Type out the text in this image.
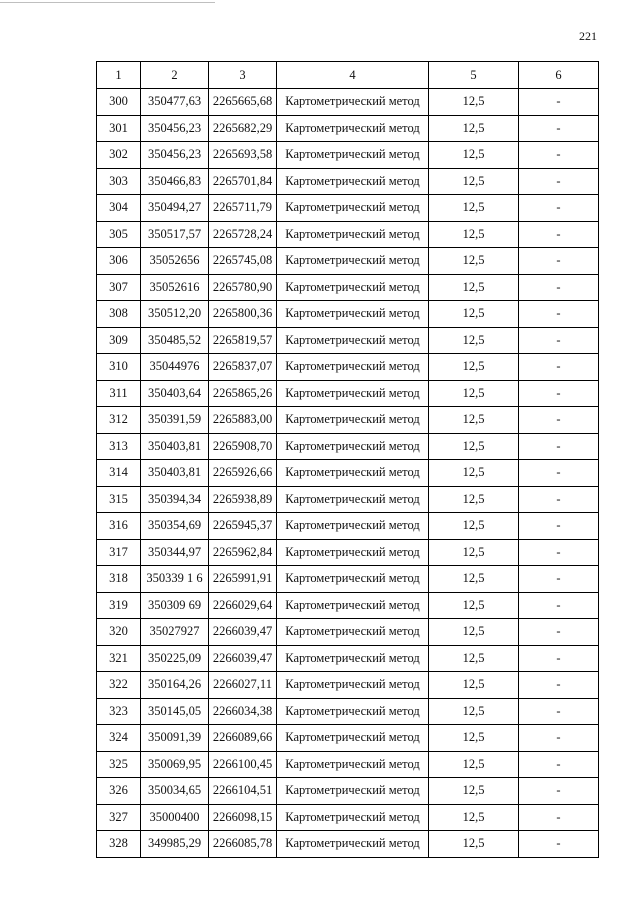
221
1	2	3	4	5	6
300	350477,63	2265665,68	Картометрический метод	12,5	-
301	350456,23	2265682,29	Картометрический метод	12,5	-
302	350456,23	2265693,58	Картометрический метод	12,5	-
303	350466,83	2265701,84	Картометрический метод	12,5	-
304	350494,27	2265711,79	Картометрический метод	12,5	-
305	350517,57	2265728,24	Картометрический метод	12,5	-
306	35052656	2265745,08	Картометрический метод	12,5	-
307	35052616	2265780,90	Картометрический метод	12,5	-
308	350512,20	2265800,36	Картометрический метод	12,5	-
309	350485,52	2265819,57	Картометрический метод	12,5	-
310	35044976	2265837,07	Картометрический метод	12,5	-
311	350403,64	2265865,26	Картометрический метод	12,5	-
312	350391,59	2265883,00	Картометрический метод	12,5	-
313	350403,81	2265908,70	Картометрический метод	12,5	-
314	350403,81	2265926,66	Картометрический метод	12,5	-
315	350394,34	2265938,89	Картометрический метод	12,5	-
316	350354,69	2265945,37	Картометрический метод	12,5	-
317	350344,97	2265962,84	Картометрический метод	12,5	-
318	350339 1 6	2265991,91	Картометрический метод	12,5	-
319	350309 69	2266029,64	Картометрический метод	12,5	-
320	35027927	2266039,47	Картометрический метод	12,5	-
321	350225,09	2266039,47	Картометрический метод	12,5	-
322	350164,26	2266027,11	Картометрический метод	12,5	-
323	350145,05	2266034,38	Картометрический метод	12,5	-
324	350091,39	2266089,66	Картометрический метод	12,5	-
325	350069,95	2266100,45	Картометрический метод	12,5	-
326	350034,65	2266104,51	Картометрический метод	12,5	-
327	35000400	2266098,15	Картометрический метод	12,5	-
328	349985,29	2266085,78	Картометрический метод	12,5	-
